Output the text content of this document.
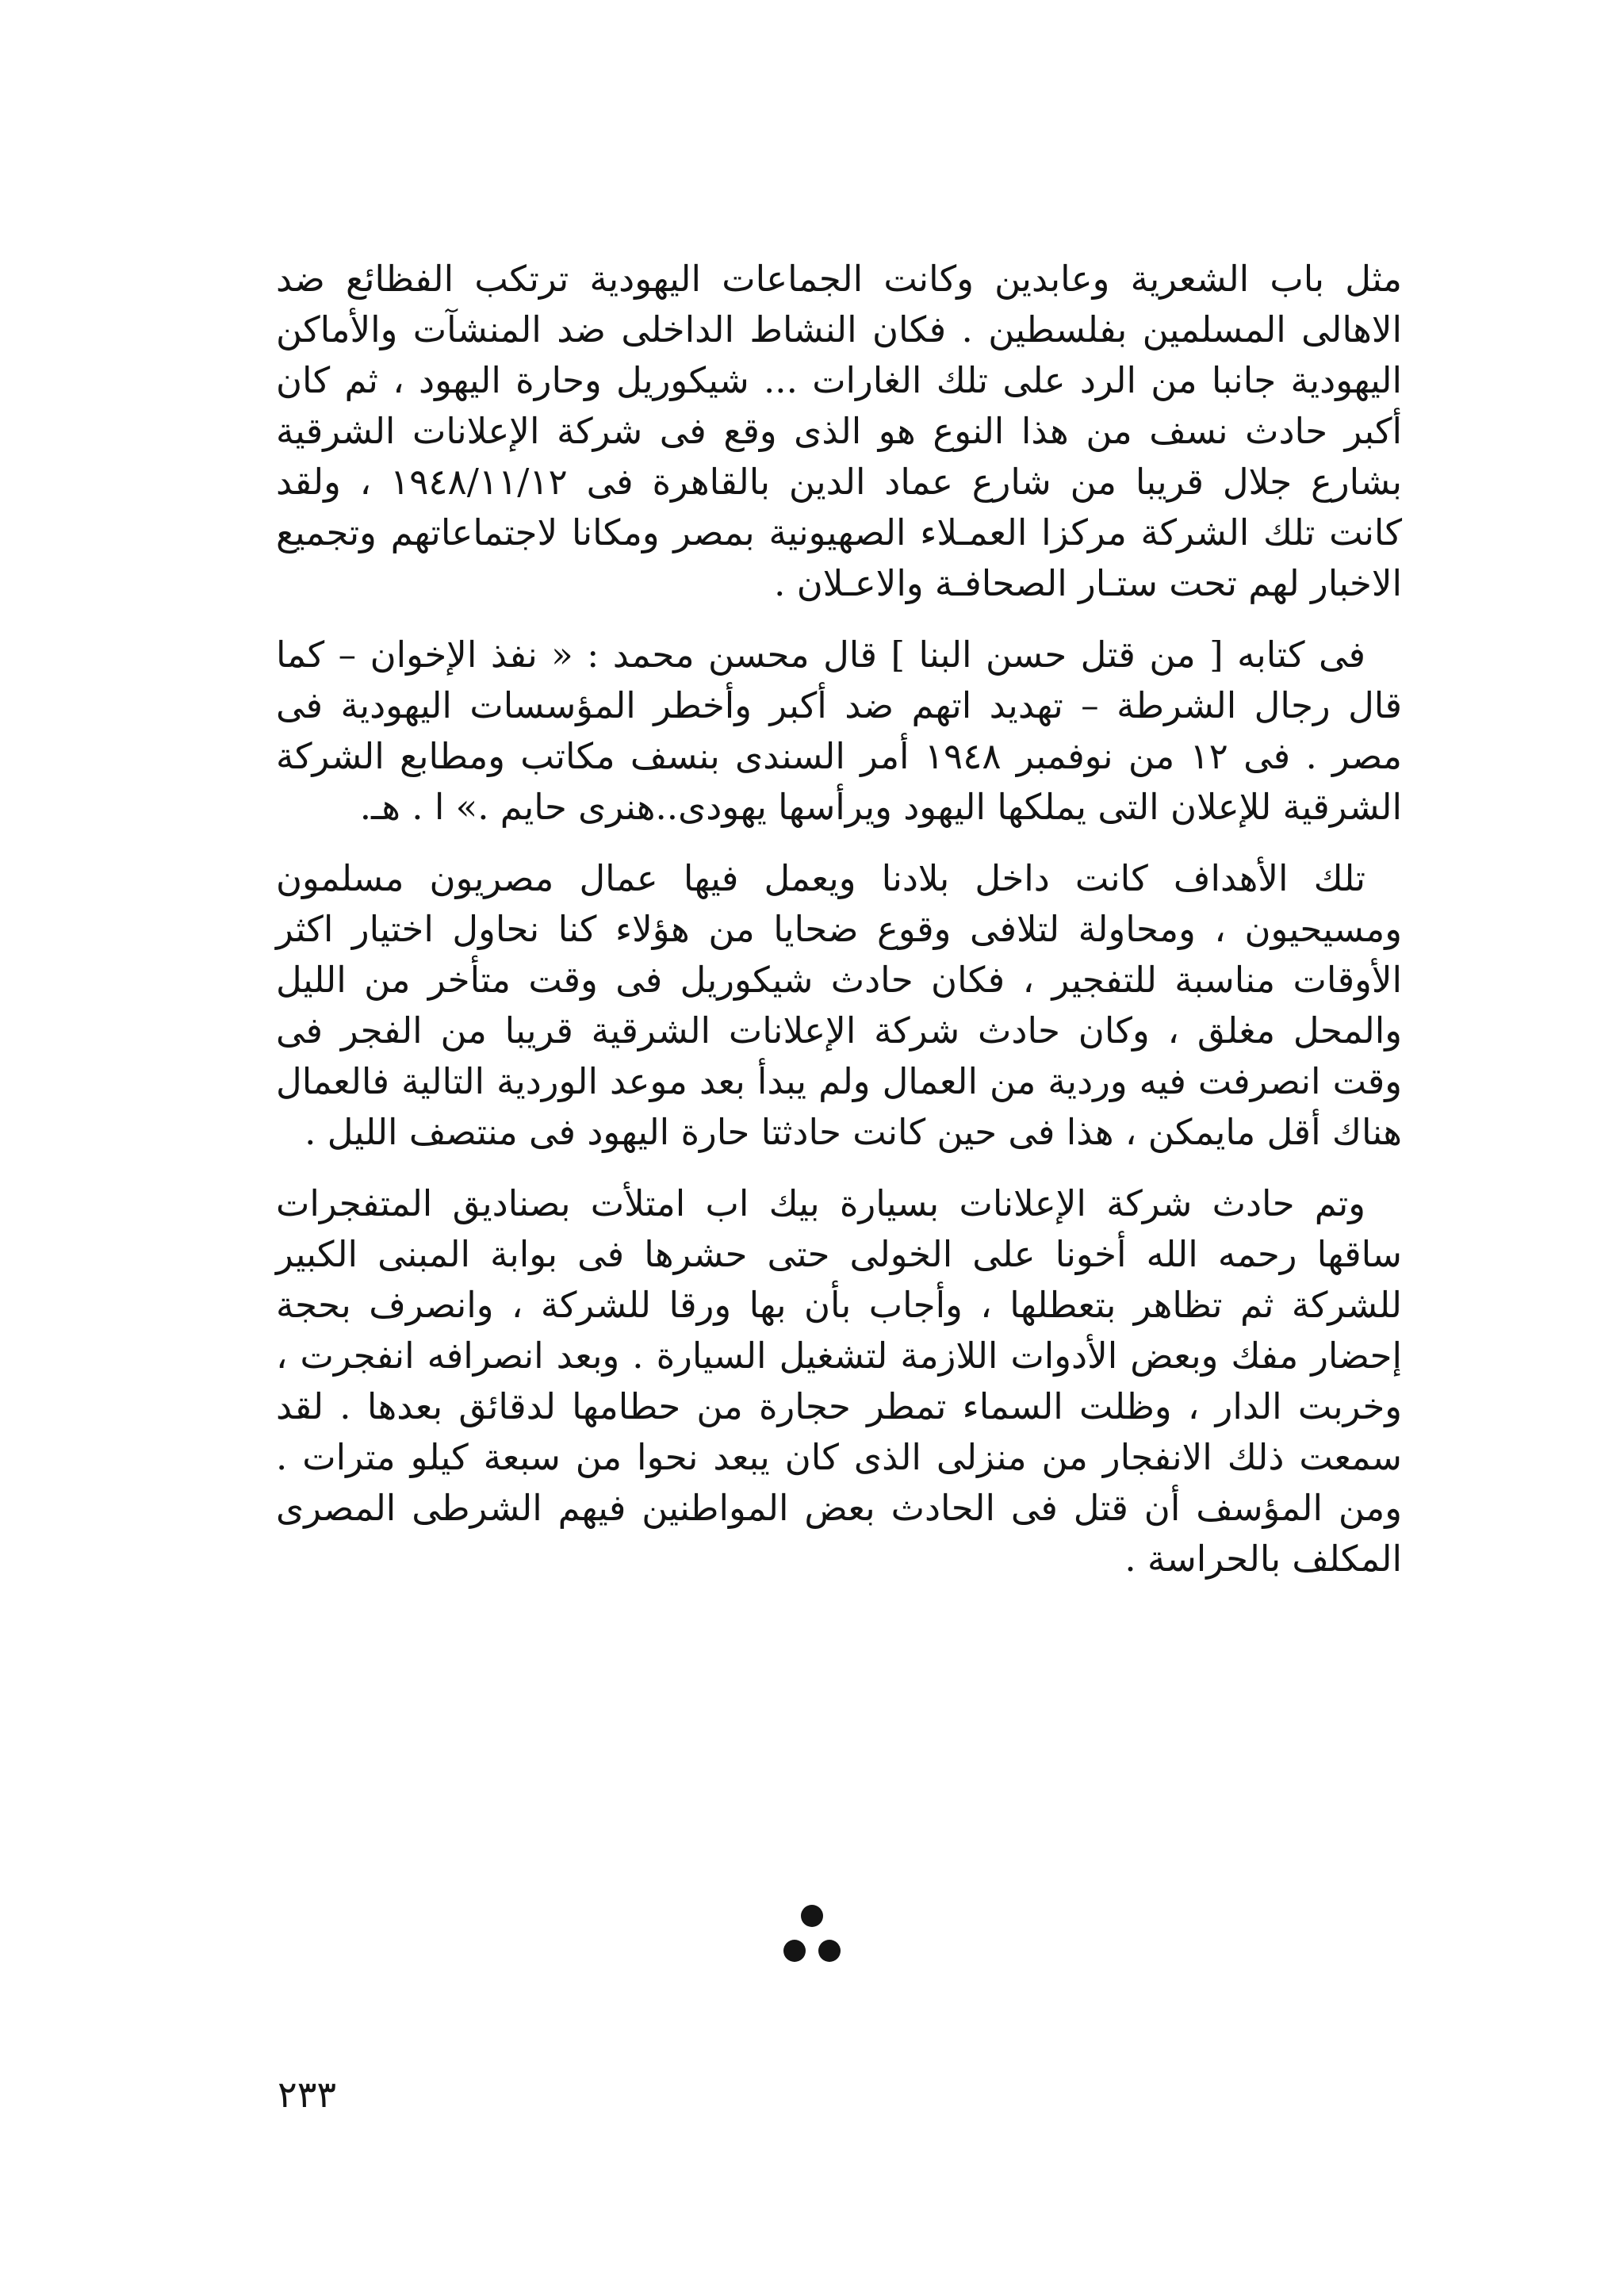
مثل باب الشعرية وعابدين وكانت الجماعات اليهودية ترتكب الفظائع ضد الاهالى المسلمين بفلسطين . فكان النشاط الداخلى ضد المنشآت والأماكن اليهودية جانبا من الرد على تلك الغارات ... شيكوريل وحارة اليهود ، ثم كان أكبر حادث نسف من هذا النوع هو الذى وقع فى شركة الإعلانات الشرقية بشارع جلال قريبا من شارع عماد الدين بالقاهرة فى ١٩٤٨/١١/١٢ ، ولقد كانت تلك الشركة مركزا العمـلاء الصهيونية بمصر ومكانا لاجتماعاتهم وتجميع الاخبار لهم تحت ستـار الصحافـة والاعـلان .

فى كتابه [ من قتل حسن البنا ] قال محسن محمد : « نفذ الإخوان – كما قال رجال الشرطة – تهديد اتهم ضد أكبر وأخطر المؤسسات اليهودية فى مصر . فى ١٢ من نوفمبر ١٩٤٨ أمر السندى بنسف مكاتب ومطابع الشركة الشرقية للإعلان التى يملكها اليهود ويرأسها يهودى..هنرى حايم .» ا . هـ.

تلك الأهداف كانت داخل بلادنا ويعمل فيها عمال مصريون مسلمون ومسيحيون ، ومحاولة لتلافى وقوع ضحايا من هؤلاء كنا نحاول اختيار اكثر الأوقات مناسبة للتفجير ، فكان حادث شيكوريل فى وقت متأخر من الليل والمحل مغلق ، وكان حادث شركة الإعلانات الشرقية قريبا من الفجر فى وقت انصرفت فيه وردية من العمال ولم يبدأ بعد موعد الوردية التالية فالعمال هناك أقل مايمكن ، هذا فى حين كانت حادثتا حارة اليهود فى منتصف الليل .

وتم حادث شركة الإعلانات بسيارة بيك اب امتلأت بصناديق المتفجرات ساقها رحمه الله أخونا على الخولى حتى حشرها فى بوابة المبنى الكبير للشركة ثم تظاهر بتعطلها ، وأجاب بأن بها ورقا للشركة ، وانصرف بحجة إحضار مفك وبعض الأدوات اللازمة لتشغيل السيارة . وبعد انصرافه انفجرت ، وخربت الدار ، وظلت السماء تمطر حجارة من حطامها لدقائق بعدها . لقد سمعت ذلك الانفجار من منزلى الذى كان يبعد نحوا من سبعة كيلو مترات . ومن المؤسف أن قتل فى الحادث بعض المواطنين فيهم الشرطى المصرى المكلف بالحراسة .

٢٣٣
